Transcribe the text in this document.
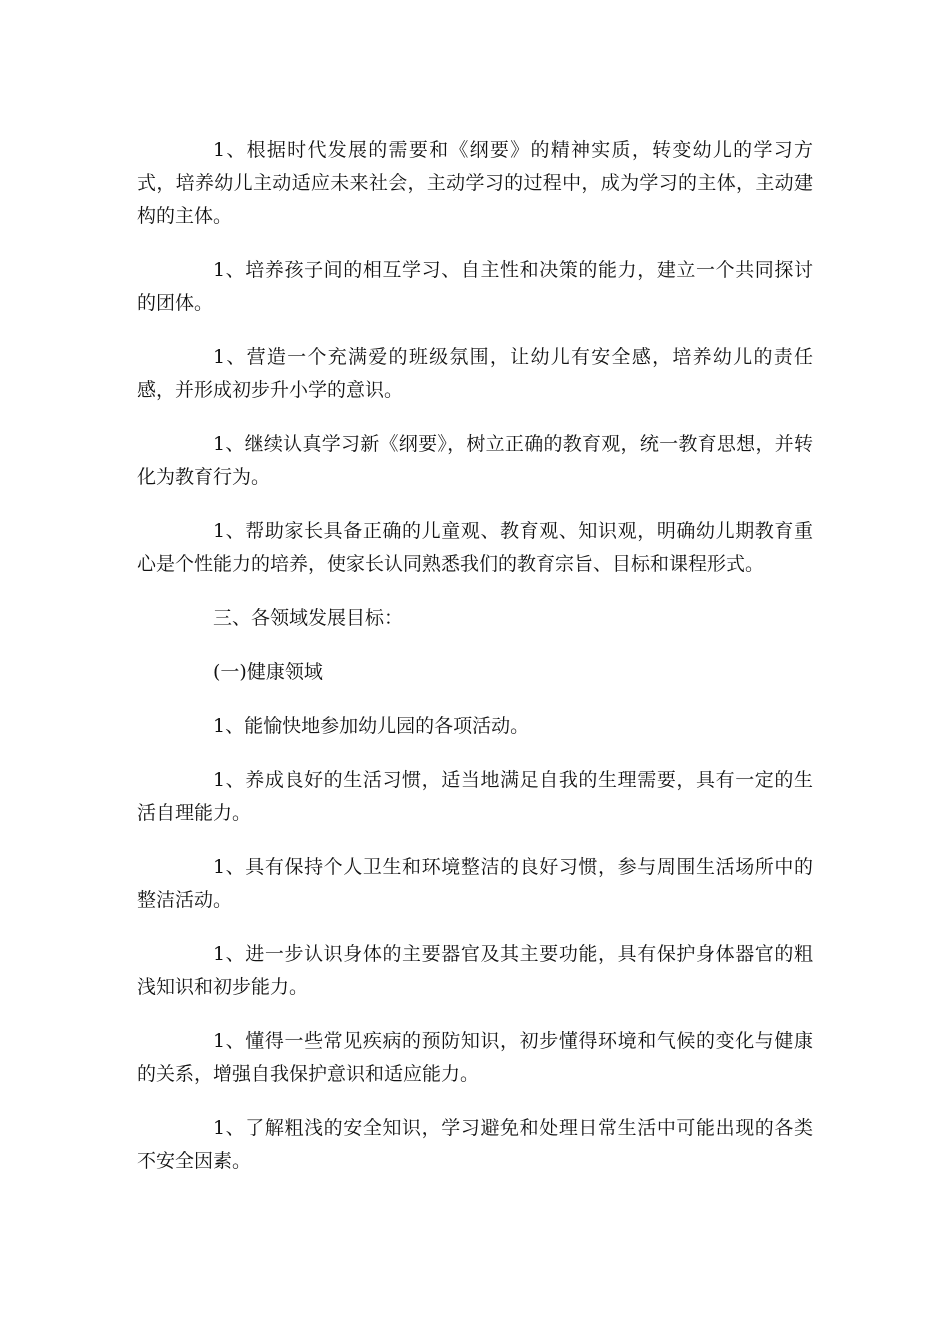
1、根据时代发展的需要和《纲要》的精神实质，转变幼儿的学习方式，培养幼儿主动适应未来社会，主动学习的过程中，成为学习的主体，主动建构的主体。

1、培养孩子间的相互学习、自主性和决策的能力，建立一个共同探讨的团体。

1、营造一个充满爱的班级氛围，让幼儿有安全感，培养幼儿的责任感，并形成初步升小学的意识。

1、继续认真学习新《纲要》，树立正确的教育观，统一教育思想，并转化为教育行为。

1、帮助家长具备正确的儿童观、教育观、知识观，明确幼儿期教育重心是个性能力的培养，使家长认同熟悉我们的教育宗旨、目标和课程形式。

三、各领域发展目标：

(一)健康领域

1、能愉快地参加幼儿园的各项活动。

1、养成良好的生活习惯，适当地满足自我的生理需要，具有一定的生活自理能力。

1、具有保持个人卫生和环境整洁的良好习惯，参与周围生活场所中的整洁活动。

1、进一步认识身体的主要器官及其主要功能，具有保护身体器官的粗浅知识和初步能力。

1、懂得一些常见疾病的预防知识，初步懂得环境和气候的变化与健康的关系，增强自我保护意识和适应能力。

1、了解粗浅的安全知识，学习避免和处理日常生活中可能出现的各类不安全因素。
